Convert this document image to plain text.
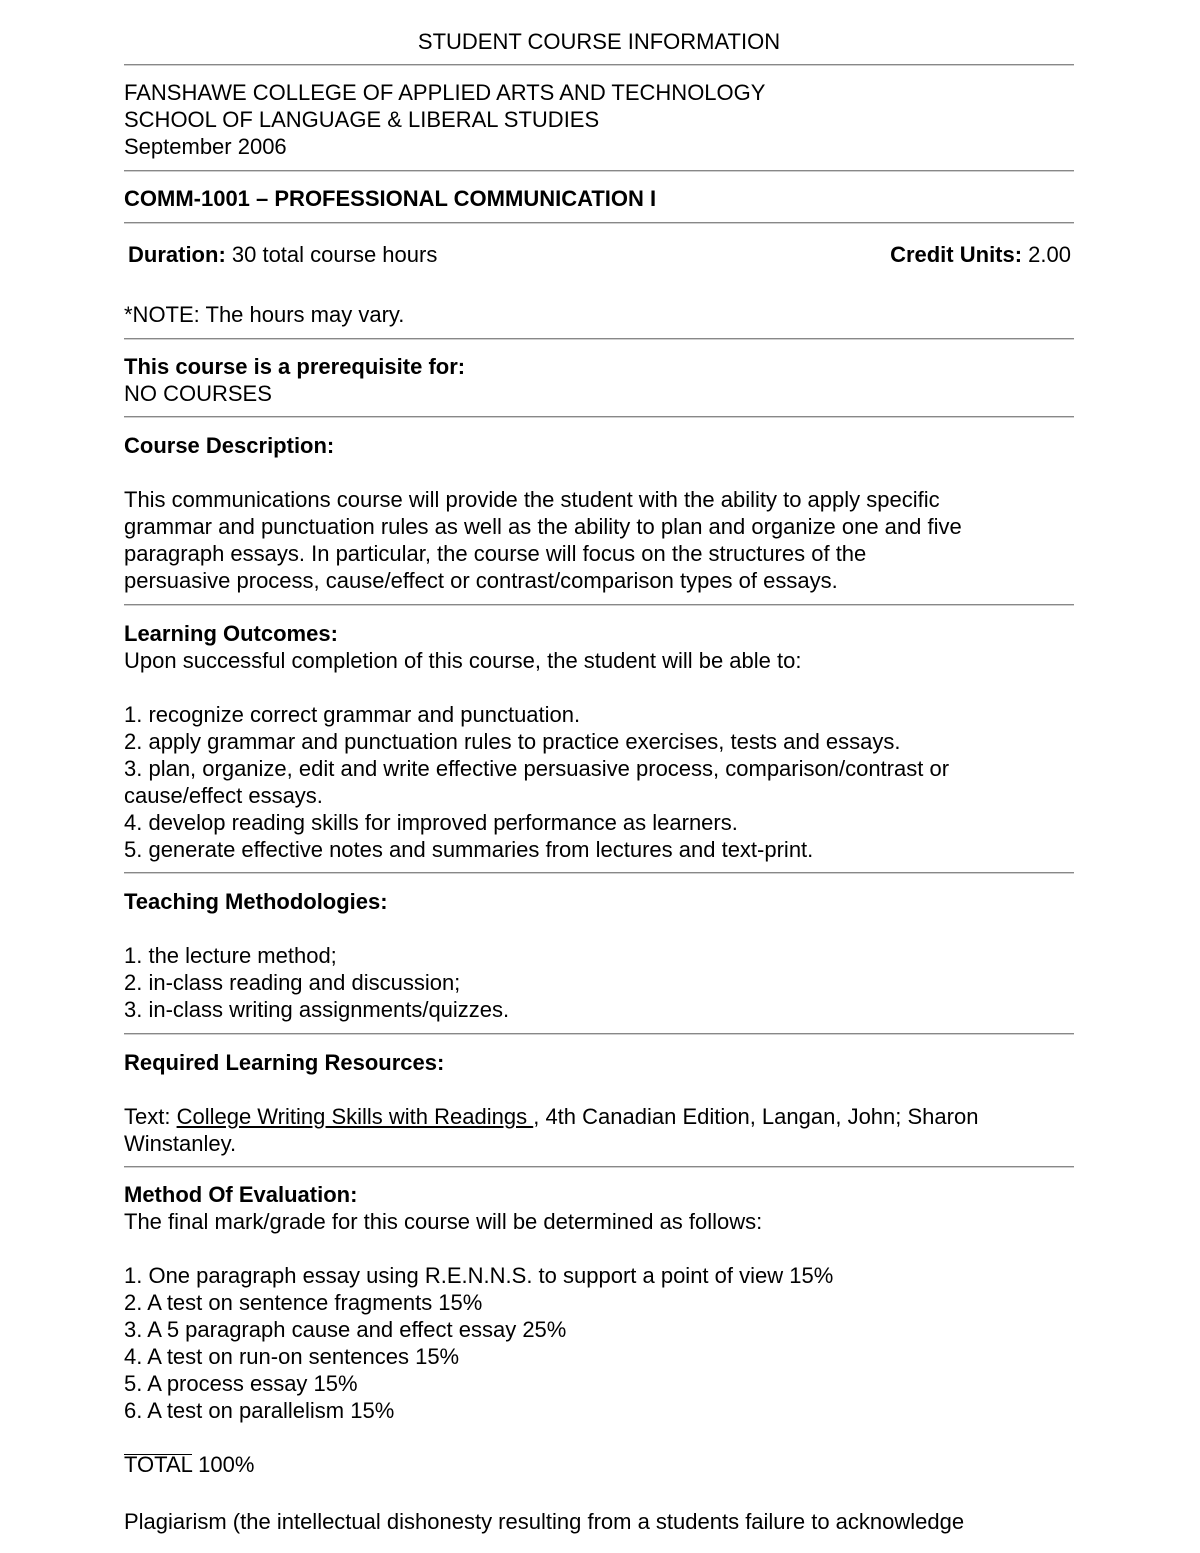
STUDENT COURSE INFORMATION
FANSHAWE COLLEGE OF APPLIED ARTS AND TECHNOLOGY
SCHOOL OF LANGUAGE & LIBERAL STUDIES
September 2006
COMM-1001 – PROFESSIONAL COMMUNICATION I
Duration: 30 total course hours	Credit Units: 2.00
*NOTE: The hours may vary.
This course is a prerequisite for:
NO COURSES
Course Description:
This communications course will provide the student with the ability to apply specific
grammar and punctuation rules as well as the ability to plan and organize one and five
paragraph essays. In particular, the course will focus on the structures of the
persuasive process, cause/effect or contrast/comparison types of essays.
Learning Outcomes:
Upon successful completion of this course, the student will be able to:
1. recognize correct grammar and punctuation.
2. apply grammar and punctuation rules to practice exercises, tests and essays.
3. plan, organize, edit and write effective persuasive process, comparison/contrast or
cause/effect essays.
4. develop reading skills for improved performance as learners.
5. generate effective notes and summaries from lectures and text-print.
Teaching Methodologies:
1. the lecture method;
2. in-class reading and discussion;
3. in-class writing assignments/quizzes.
Required Learning Resources:
Text: College Writing Skills with Readings , 4th Canadian Edition, Langan, John; Sharon
Winstanley.
Method Of Evaluation:
The final mark/grade for this course will be determined as follows:
1. One paragraph essay using R.E.N.N.S. to support a point of view 15%
2. A test on sentence fragments 15%
3. A 5 paragraph cause and effect essay 25%
4. A test on run-on sentences 15%
5. A process essay 15%
6. A test on parallelism 15%
TOTAL 100%
Plagiarism (the intellectual dishonesty resulting from a students failure to acknowledge
